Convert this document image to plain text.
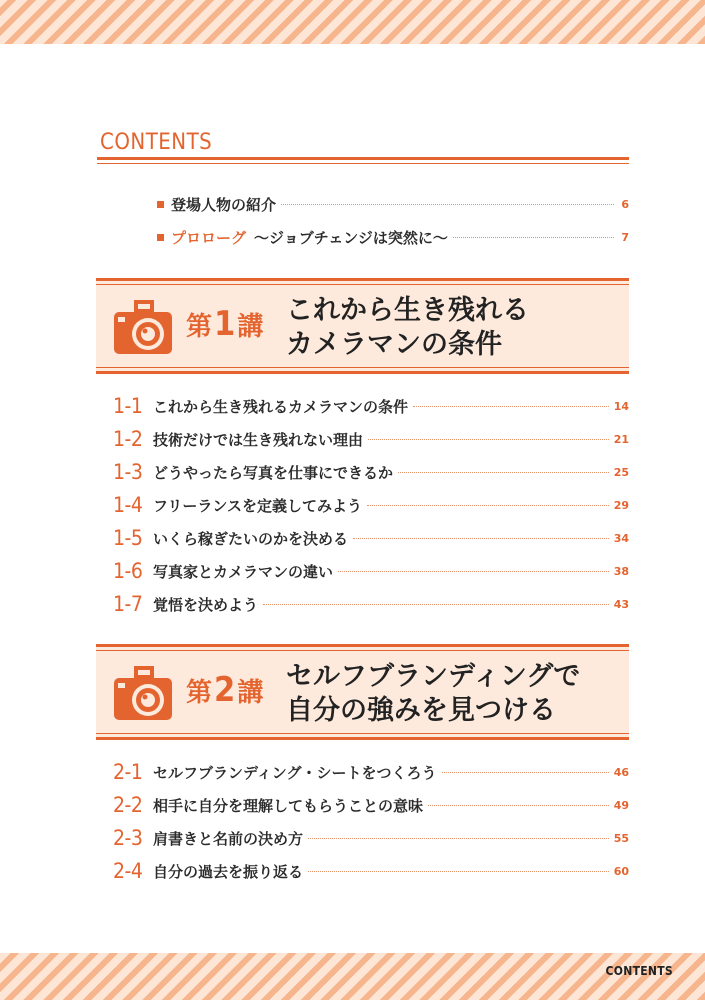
CONTENTS
CONTENTS
登場人物の紹介	6
プロローグ 〜ジョブチェンジは突然に〜	7
第1講
これから生き残れる
カメラマンの条件
1-1 これから生き残れるカメラマンの条件	14
1-2 技術だけでは生き残れない理由	21
1-3 どうやったら写真を仕事にできるか	25
1-4 フリーランスを定義してみよう	29
1-5 いくら稼ぎたいのかを決める	34
1-6 写真家とカメラマンの違い	38
1-7 覚悟を決めよう	43
第2講
セルフブランディングで
自分の強みを見つける
2-1 セルフブランディング・シートをつくろう	46
2-2 相手に自分を理解してもらうことの意味	49
2-3 肩書きと名前の決め方	55
2-4 自分の過去を振り返る	60
